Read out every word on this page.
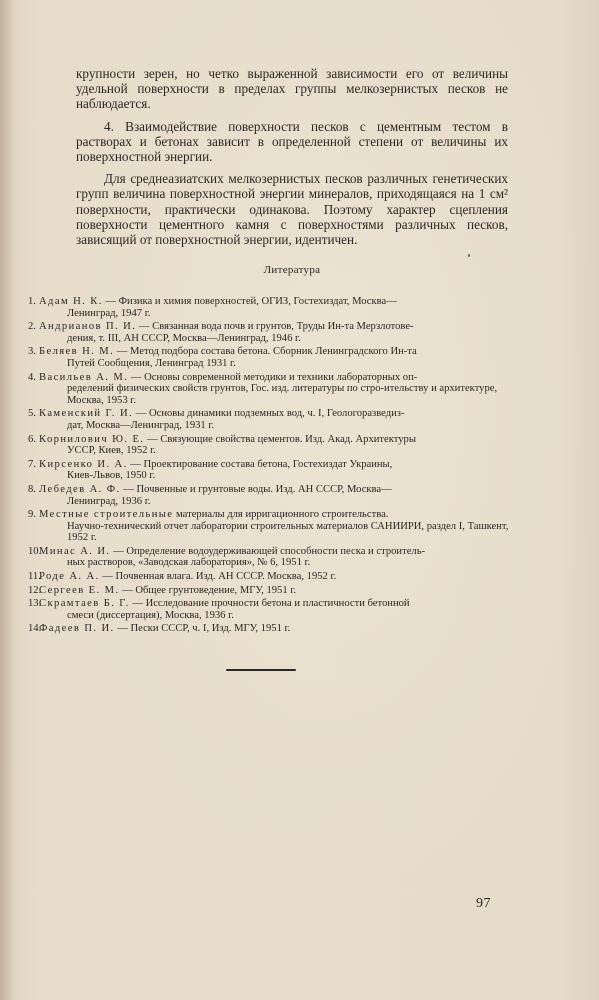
крупности зерен, но четко выраженной зависимости его от величины удельной поверхности в пределах группы мелкозернистых песков не наблюдается.

4. Взаимодействие поверхности песков с цементным тестом в растворах и бетонах зависит в определенной степени от величины их поверхностной энергии.

Для среднеазиатских мелкозернистых песков различных генетических групп величина поверхностной энергии минералов, приходящаяся на 1 см² поверхности, практически одинакова. Поэтому характер сцепления поверхности цементного камня с поверхностями различных песков, зависящий от поверхностной энергии, идентичен.

Литература
1. Адам Н. К. — Физика и химия поверхностей, ОГИЗ, Гостехиздат, Москва—
Ленинград, 1947 г.
2. Андрианов П. И. — Связанная вода почв и грунтов, Труды Ин-та Мерзлотове-
дения, т. III, АН СССР, Москва—Ленинград, 1946 г.
3. Беляев Н. М. — Метод подбора состава бетона. Сборник Ленинградского Ин-та
Путей Сообщения, Ленинград 1931 г.
4. Васильев А. М. — Основы современной методики и техники лабораторных оп-
ределений физических свойств грунтов, Гос. изд. литературы по стро-ительству и архитектуре, Москва, 1953 г.
5. Каменский Г. И. — Основы динамики подземных вод, ч. I, Геологоразведиз-
дат, Москва—Ленинград, 1931 г.
6. Корнилович Ю. Е. — Связующие свойства цементов. Изд. Акад. Архитектуры
УССР, Киев, 1952 г.
7. Кирсенко И. А. — Проектирование состава бетона, Гостехиздат Украины,
Киев-Львов, 1950 г.
8. Лебедев А. Ф. — Почвенные и грунтовые воды. Изд. АН СССР, Москва—
Ленинград, 1936 г.
9. Местные строительные материалы для ирригационного строительства.
Научно-технический отчет лаборатории строительных материалов САНИИРИ, раздел I, Ташкент, 1952 г.
10.
Минас А. И. — Определение водоудерживающей способности песка и строитель-
ных растворов, «Заводская лаборатория», № 6, 1951 г.
11.
Роде А. А. — Почвенная влага. Изд. АН СССР. Москва, 1952 г.
12.
Сергеев Е. М. — Общее грунтоведение, МГУ, 1951 г.
13.
Скрамтаев Б. Г. — Исследование прочности бетона и пластичности бетонной
смеси (диссертация), Москва, 1936 г.
14.
Фадеев П. И. — Пески СССР, ч. I, Изд. МГУ, 1951 г.
97
